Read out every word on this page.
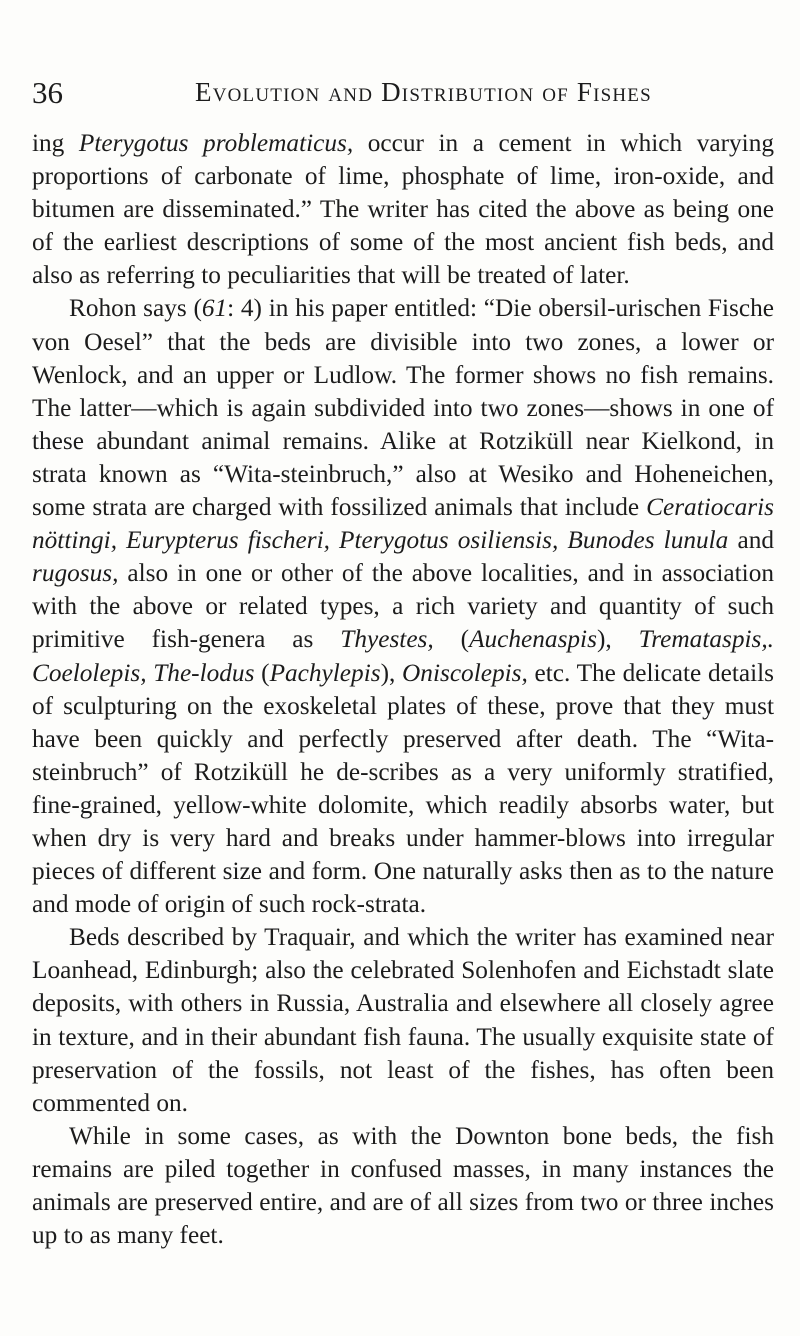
36	Evolution and Distribution of Fishes

ing Pterygotus problematicus, occur in a cement in which varying proportions of carbonate of lime, phosphate of lime, iron-oxide, and bitumen are disseminated.” The writer has cited the above as being one of the earliest descriptions of some of the most ancient fish beds, and also as referring to peculiarities that will be treated of later.

Rohon says (61: 4) in his paper entitled: “Die obersil-urischen Fische von Oesel” that the beds are divisible into two zones, a lower or Wenlock, and an upper or Ludlow. The former shows no fish remains. The latter—which is again subdivided into two zones—shows in one of these abundant animal remains. Alike at Rotziküll near Kielkond, in strata known as “Wita-steinbruch,” also at Wesiko and Hoheneichen, some strata are charged with fossilized animals that include Ceratiocaris nöttingi, Eurypterus fischeri, Pterygotus osiliensis, Bunodes lunula and rugosus, also in one or other of the above localities, and in association with the above or related types, a rich variety and quantity of such primitive fish-genera as Thyestes, (Auchenaspis), Tremataspis,. Coelolepis, The-lodus (Pachylepis), Oniscolepis, etc. The delicate details of sculpturing on the exoskeletal plates of these, prove that they must have been quickly and perfectly preserved after death. The “Wita-steinbruch” of Rotziküll he de-scribes as a very uniformly stratified, fine-grained, yellow-white dolomite, which readily absorbs water, but when dry is very hard and breaks under hammer-blows into irregular pieces of different size and form. One naturally asks then as to the nature and mode of origin of such rock-strata.

Beds described by Traquair, and which the writer has examined near Loanhead, Edinburgh; also the celebrated Solenhofen and Eichstadt slate deposits, with others in Russia, Australia and elsewhere all closely agree in texture, and in their abundant fish fauna. The usually exquisite state of preservation of the fossils, not least of the fishes, has often been commented on.

While in some cases, as with the Downton bone beds, the fish remains are piled together in confused masses, in many instances the animals are preserved entire, and are of all sizes from two or three inches up to as many feet.
